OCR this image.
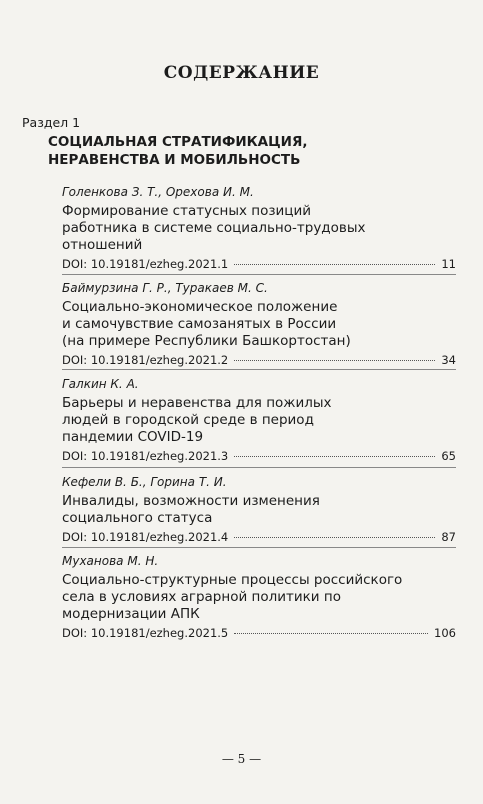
СОДЕРЖАНИЕ
Раздел 1
СОЦИАЛЬНАЯ СТРАТИФИКАЦИЯ,
НЕРАВЕНСТВА И МОБИЛЬНОСТЬ
Голенкова З. Т., Орехова И. М.
Формирование статусных позиций
работника в системе социально-трудовых
отношений
DOI: 10.19181/ezheg.2021.1	11
Баймурзина Г. Р., Туракаев М. С.
Социально-экономическое положение
и самочувствие самозанятых в России
(на примере Республики Башкортостан)
DOI: 10.19181/ezheg.2021.2	34
Галкин К. А.
Барьеры и неравенства для пожилых
людей в городской среде в период
пандемии COVID-19
DOI: 10.19181/ezheg.2021.3	65
Кефели В. Б., Горина Т. И.
Инвалиды, возможности изменения
социального статуса
DOI: 10.19181/ezheg.2021.4	87
Муханова М. Н.
Социально-структурные процессы российского
села в условиях аграрной политики по
модернизации АПК
DOI: 10.19181/ezheg.2021.5	106
— 5 —
